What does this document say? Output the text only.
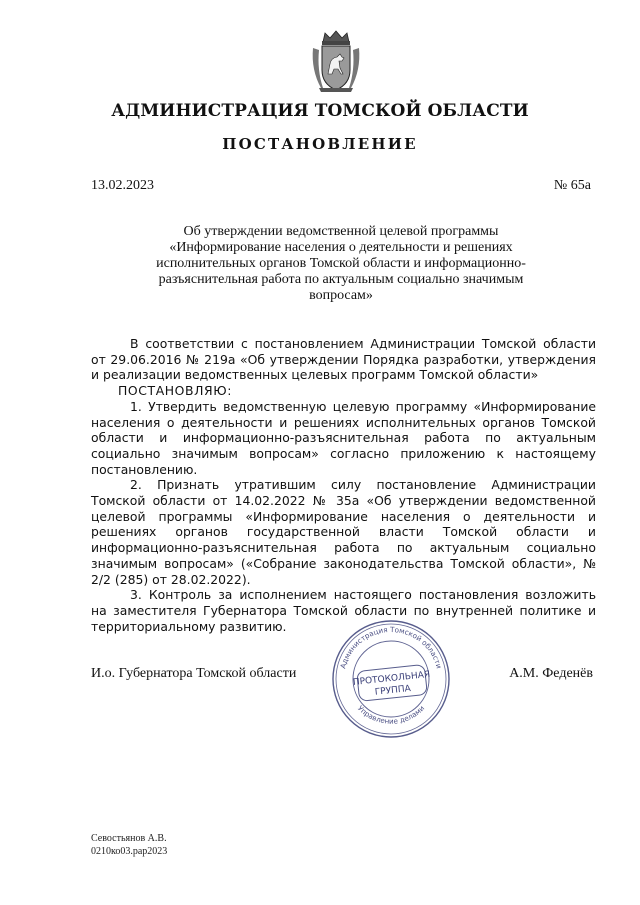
АДМИНИСТРАЦИЯ ТОМСКОЙ ОБЛАСТИ
ПОСТАНОВЛЕНИЕ
13.02.2023	№ 65а
Об утверждении ведомственной целевой программы
«Информирование населения о деятельности и решениях
исполнительных органов Томской области и информационно-
разъяснительная работа по актуальным социально значимым
вопросам»

В соответствии с постановлением Администрации Томской области от 29.06.2016 № 219а «Об утверждении Порядка разработки, утверждения и реализации ведомственных целевых программ Томской области»

ПОСТАНОВЛЯЮ:

1. Утвердить ведомственную целевую программу «Информирование населения о деятельности и решениях исполнительных органов Томской области и информационно-разъяснительная работа по актуальным социально значимым вопросам» согласно приложению к настоящему постановлению.

2. Признать утратившим силу постановление Администрации Томской области от 14.02.2022 № 35а «Об утверждении ведомственной целевой программы «Информирование населения о деятельности и решениях органов государственной власти Томской области и информационно-разъяснительная работа по актуальным социально значимым вопросам» («Собрание законодательства Томской области», № 2/2 (285) от 28.02.2022).

3. Контроль за исполнением настоящего постановления возложить на заместителя Губернатора Томской области по внутренней политике и территориальному развитию.

И.о. Губернатора Томской области	А.М. Феденёв
Администрация Томской области
Управление делами
ПРОТОКОЛЬНАЯ
ГРУППА
Севостьянов А.В.
0210ко03.рар2023
